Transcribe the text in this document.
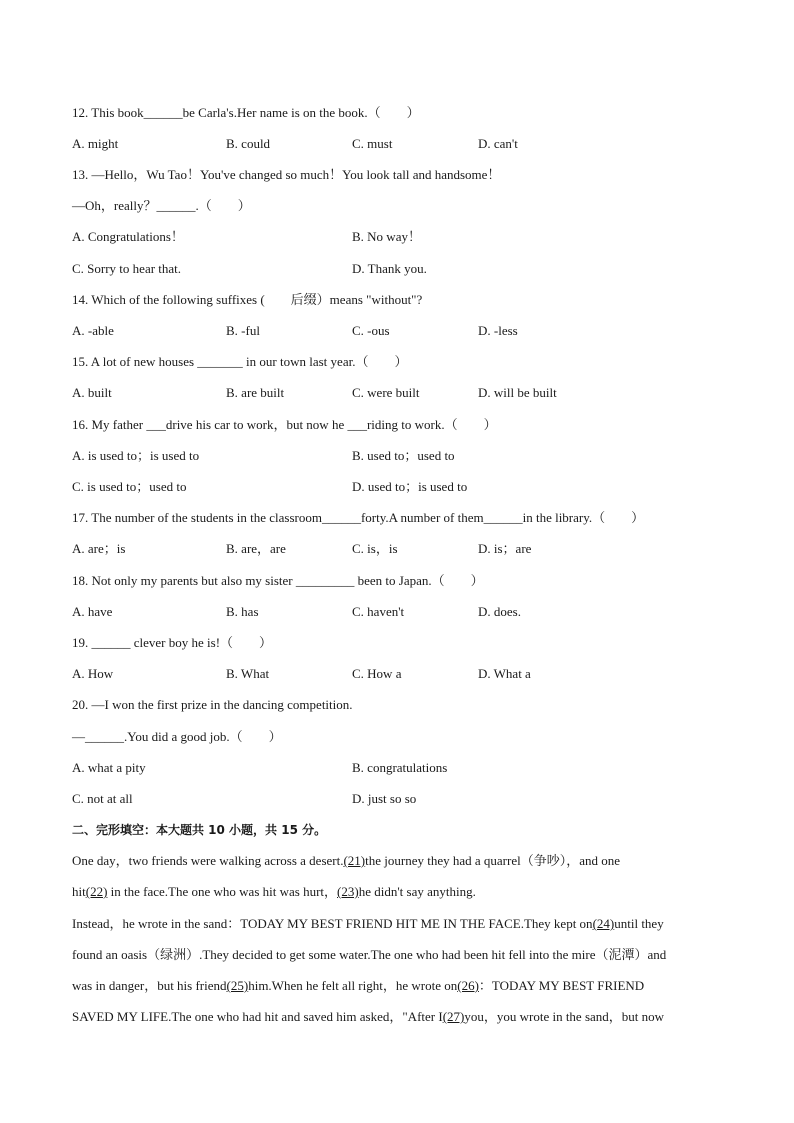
12. This book______be Carla's.Her name is on the book.（　　）
A. might	B. could	C. must	D. can't
13. —Hello，Wu Tao！You've changed so much！You look tall and handsome！
—Oh，really？______.（　　）
A. Congratulations！	B. No way！
C. Sorry to hear that.	D. Thank you.
14. Which of the following suffixes (　　后缀）means "without"?
A. -able	B. -ful	C. -ous	D. -less
15. A lot of new houses _______ in our town last year.（　　）
A. built	B. are built	C. were built	D. will be built
16. My father ___drive his car to work，but now he ___riding to work.（　　）
A. is used to；is used to	B. used to；used to
C. is used to；used to	D. used to；is used to
17. The number of the students in the classroom______forty.A number of them______in the library.（　　）
A. are；is	B. are，are	C. is，is	D. is；are
18. Not only my parents but also my sister _________ been to Japan.（　　）
A. have	B. has	C. haven't	D. does.
19. ______ clever boy he is!（　　）
A. How	B. What	C. How a	D. What a
20. —I won the first prize in the dancing competition.
—______.You did a good job.（　　）
A. what a pity	B. congratulations
C. not at all	D. just so so
二、完形填空：本大题共 10 小题，共 15 分。
One day，two friends were walking across a desert.(21)the journey they had a quarrel（争吵），and one
hit(22) in the face.The one who was hit was hurt，(23)he didn't say anything.
Instead，he wrote in the sand：TODAY MY BEST FRIEND HIT ME IN THE FACE.They kept on(24)until they
found an oasis（绿洲）.They decided to get some water.The one who had been hit fell into the mire（泥潭）and
was in danger，but his friend(25)him.When he felt all right，he wrote on(26)：TODAY MY BEST FRIEND
SAVED MY LIFE.The one who had hit and saved him asked，"After I(27)you，you wrote in the sand，but now
